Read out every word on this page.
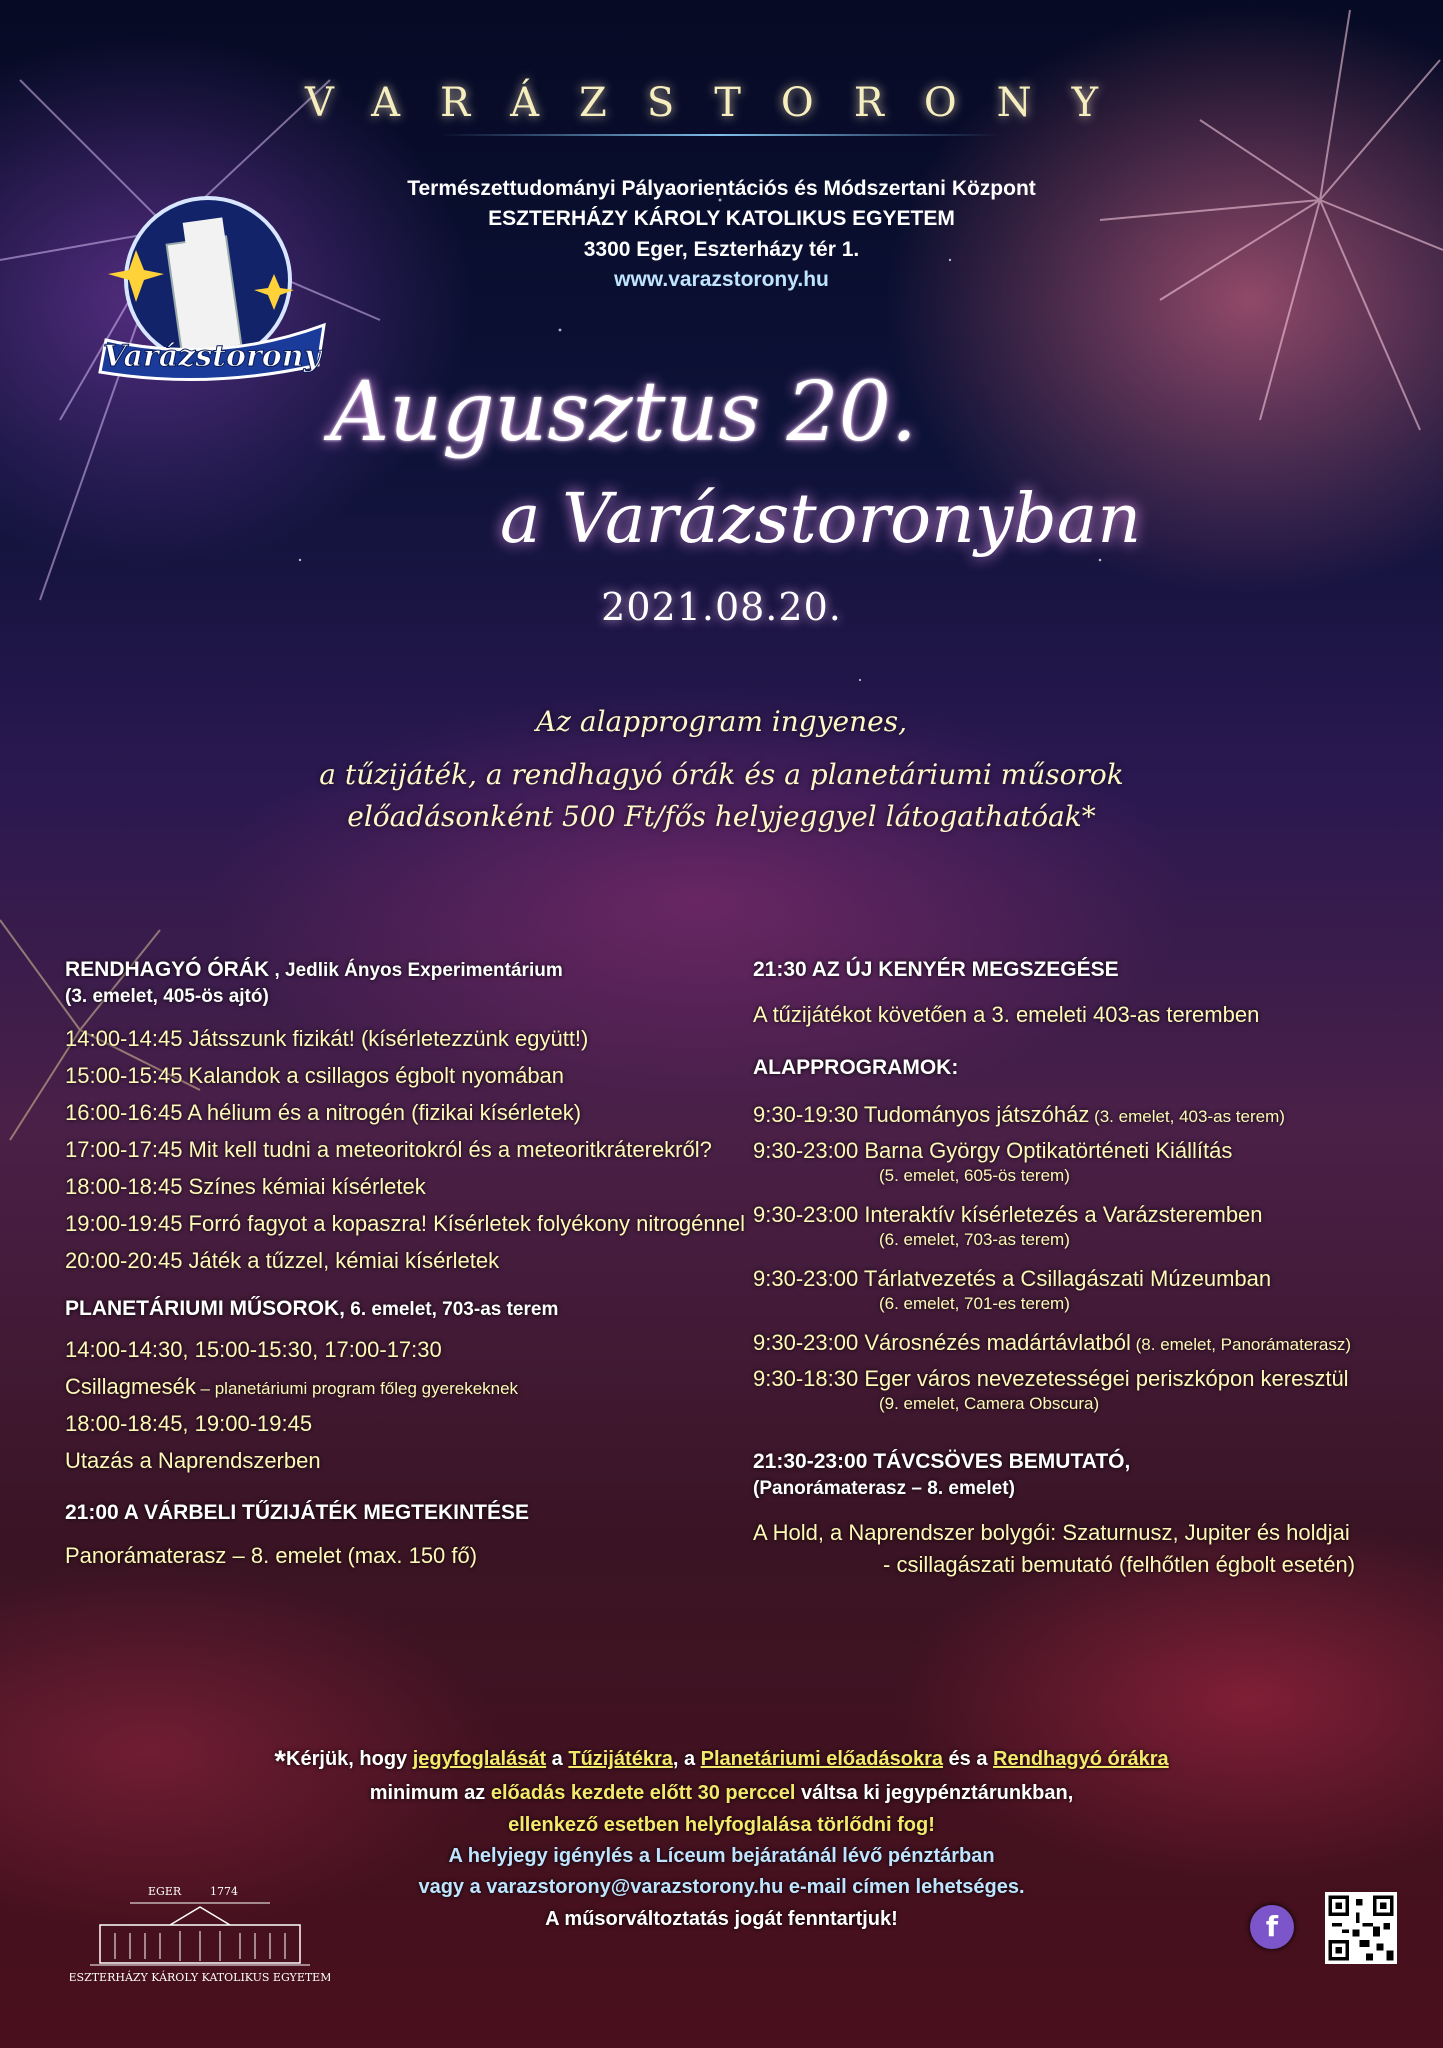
VARÁZSTORONY
Természettudományi Pályaorientációs és Módszertani Központ
ESZTERHÁZY KÁROLY KATOLIKUS EGYETEM
3300 Eger, Eszterházy tér 1.
www.varazstorony.hu
Varázstorony
Augusztus 20.
a Varázstoronyban
2021.08.20.
Az alapprogram ingyenes,
a tűzijáték, a rendhagyó órák és a planetáriumi műsorok
előadásonként 500 Ft/fős helyjeggyel látogathatóak*
RENDHAGYÓ ÓRÁK , Jedlik Ányos Experimentárium
(3. emelet, 405-ös ajtó)
14:00-14:45 Játsszunk fizikát! (kísérletezzünk együtt!)
15:00-15:45 Kalandok a csillagos égbolt nyomában
16:00-16:45 A hélium és a nitrogén (fizikai kísérletek)
17:00-17:45 Mit kell tudni a meteoritokról és a meteoritkráterekről?
18:00-18:45 Színes kémiai kísérletek
19:00-19:45 Forró fagyot a kopaszra! Kísérletek folyékony nitrogénnel
20:00-20:45 Játék a tűzzel, kémiai kísérletek
PLANETÁRIUMI MŰSOROK, 6. emelet, 703-as terem
14:00-14:30, 15:00-15:30, 17:00-17:30
Csillagmesék – planetáriumi program főleg gyerekeknek
18:00-18:45, 19:00-19:45
Utazás a Naprendszerben
21:00 A VÁRBELI TŰZIJÁTÉK MEGTEKINTÉSE
Panorámaterasz – 8. emelet (max. 150 fő)
21:30 AZ ÚJ KENYÉR MEGSZEGÉSE
A tűzijátékot követően a 3. emeleti 403-as teremben
ALAPPROGRAMOK:
9:30-19:30 Tudományos játszóház (3. emelet, 403-as terem)
9:30-23:00 Barna György Optikatörténeti Kiállítás
(5. emelet, 605-ös terem)
9:30-23:00 Interaktív kísérletezés a Varázsteremben
(6. emelet, 703-as terem)
9:30-23:00 Tárlatvezetés a Csillagászati Múzeumban
(6. emelet, 701-es terem)
9:30-23:00 Városnézés madártávlatból (8. emelet, Panorámaterasz)
9:30-18:30 Eger város nevezetességei periszkópon keresztül
(9. emelet, Camera Obscura)
21:30-23:00 TÁVCSÖVES BEMUTATÓ,
(Panorámaterasz – 8. emelet)
A Hold, a Naprendszer bolygói: Szaturnusz, Jupiter és holdjai
- csillagászati bemutató (felhőtlen égbolt esetén)
*Kérjük, hogy jegyfoglalását a Tűzijátékra, a Planetáriumi előadásokra és a Rendhagyó órákra
minimum az előadás kezdete előtt 30 perccel váltsa ki jegypénztárunkban,
ellenkező esetben helyfoglalása törlődni fog!
A helyjegy igénylés a Líceum bejáratánál lévő pénztárban
vagy a varazstorony@varazstorony.hu e-mail címen lehetséges.
A műsorváltoztatás jogát fenntartjuk!
EGER	1774
ESZTERHÁZY KÁROLY KATOLIKUS EGYETEM
f
